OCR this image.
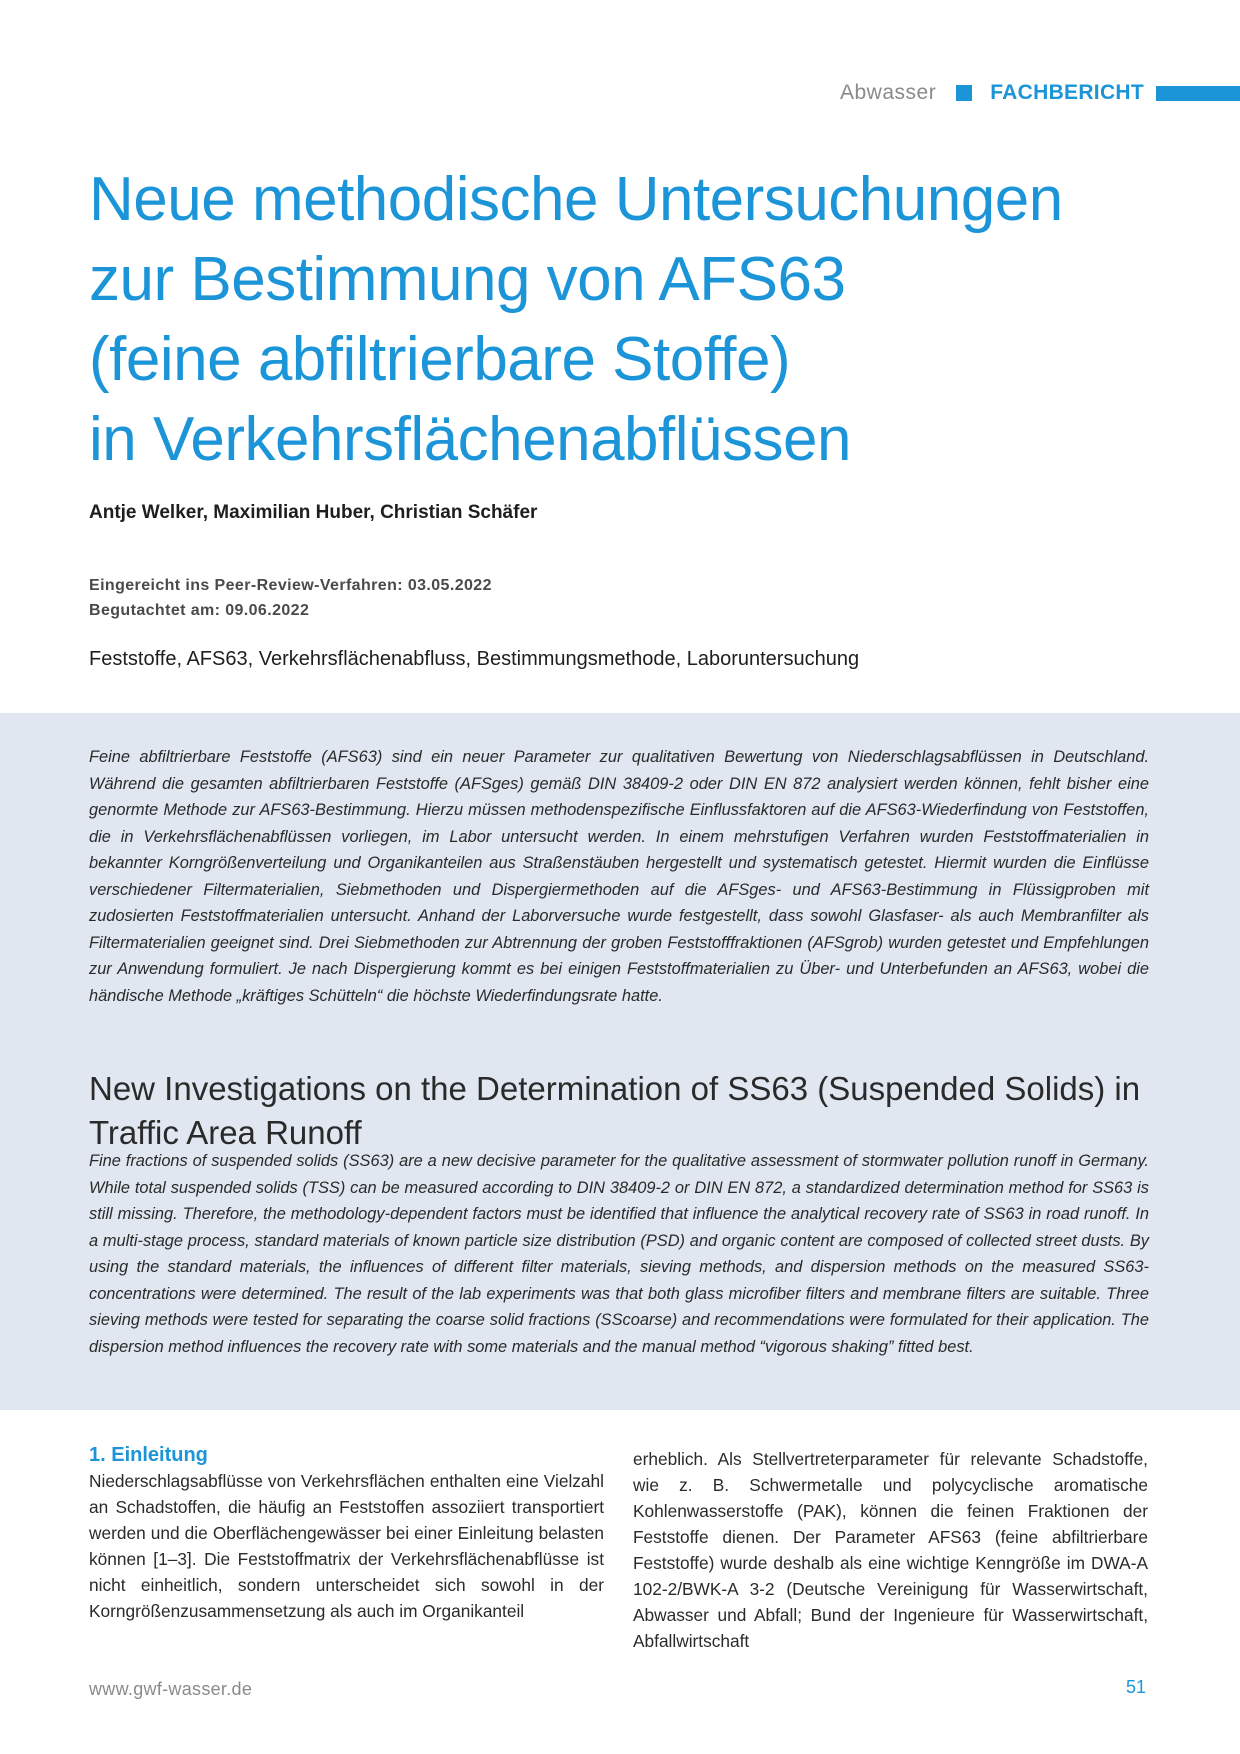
Abwasser	FACHBERICHT
Neue methodische Untersuchungen
zur Bestimmung von AFS63
(feine abfiltrierbare Stoffe)
in Verkehrsflächenabflüssen
Antje Welker, Maximilian Huber, Christian Schäfer
Eingereicht ins Peer-Review-Verfahren: 03.05.2022
Begutachtet am: 09.06.2022
Feststoffe, AFS63, Verkehrsflächenabfluss, Bestimmungsmethode, Laboruntersuchung

Feine abfiltrierbare Feststoffe (AFS63) sind ein neuer Parameter zur qualitativen Bewertung von Niederschlagsabflüssen in Deutschland. Während die gesamten abfiltrierbaren Feststoffe (AFSges) gemäß DIN 38409-2 oder DIN EN 872 analysiert werden können, fehlt bisher eine genormte Methode zur AFS63-Bestimmung. Hierzu müssen methodenspezifische Einflussfaktoren auf die AFS63-Wiederfindung von Feststoffen, die in Verkehrsflächenabflüssen vorliegen, im Labor untersucht werden. In einem mehrstufigen Verfahren wurden Feststoffmaterialien in bekannter Korngrößenverteilung und Organikanteilen aus Straßenstäuben hergestellt und systematisch getestet. Hiermit wurden die Einflüsse verschiedener Filtermaterialien, Siebmethoden und Dispergiermethoden auf die AFSges- und AFS63-Bestimmung in Flüssigproben mit zudosierten Feststoffmaterialien untersucht. Anhand der Laborversuche wurde festgestellt, dass sowohl Glasfaser- als auch Membranfilter als Filtermaterialien geeignet sind. Drei Siebmethoden zur Abtrennung der groben Feststofffraktionen (AFSgrob) wurden getestet und Empfehlungen zur Anwendung formuliert. Je nach Dispergierung kommt es bei einigen Feststoffmaterialien zu Über- und Unterbefunden an AFS63, wobei die händische Methode „kräftiges Schütteln“ die höchste Wiederfindungsrate hatte.

New Investigations on the Determination of SS63 (Suspended Solids) in Traffic Area Runoff

Fine fractions of suspended solids (SS63) are a new decisive parameter for the qualitative assessment of stormwater pollution runoff in Germany. While total suspended solids (TSS) can be measured according to DIN 38409-2 or DIN EN 872, a standardized determination method for SS63 is still missing. Therefore, the methodology-dependent factors must be identified that influence the analytical recovery rate of SS63 in road runoff. In a multi-stage process, standard materials of known particle size distribution (PSD) and organic content are composed of collected street dusts. By using the standard materials, the influences of different filter materials, sieving methods, and dispersion methods on the measured SS63-concentrations were determined. The result of the lab experiments was that both glass microfiber filters and membrane filters are suitable. Three sieving methods were tested for separating the coarse solid fractions (SScoarse) and recommendations were formulated for their application. The dispersion method influences the recovery rate with some materials and the manual method “vigorous shaking” fitted best.

1. Einleitung

Niederschlagsabflüsse von Verkehrsflächen enthalten eine Vielzahl an Schadstoffen, die häufig an Feststoffen assoziiert transportiert werden und die Oberflächengewässer bei einer Einleitung belasten können [1–3]. Die Feststoffmatrix der Verkehrsflächenabflüsse ist nicht einheitlich, sondern unterscheidet sich sowohl in der Korngrößenzusammensetzung als auch im Organikanteil

erheblich. Als Stellvertreterparameter für relevante Schadstoffe, wie z. B. Schwermetalle und polycyclische aromatische Kohlenwasserstoffe (PAK), können die feinen Fraktionen der Feststoffe dienen. Der Parameter AFS63 (feine abfiltrierbare Feststoffe) wurde deshalb als eine wichtige Kenngröße im DWA-A 102-2/BWK-A 3-2 (Deutsche Vereinigung für Wasserwirtschaft, Abwasser und Abfall; Bund der Ingenieure für Wasserwirtschaft, Abfallwirtschaft

www.gwf-wasser.de	51
